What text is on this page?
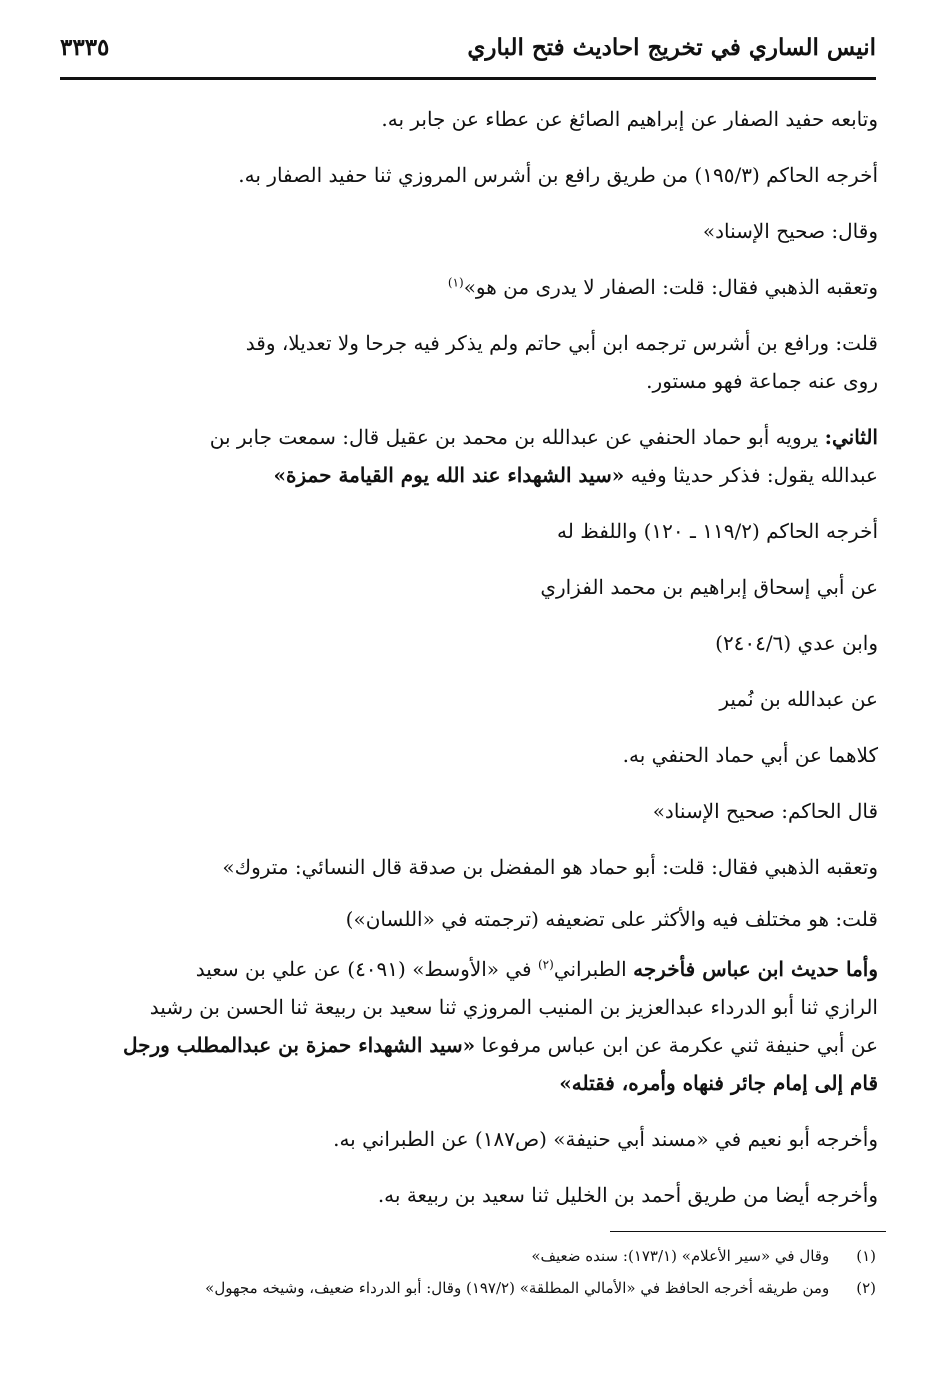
انيس الساري في تخريج احاديث فتح الباري
٣٣٣٥
وتابعه حفيد الصفار عن إبراهيم الصائغ عن عطاء عن جابر به.
أخرجه الحاكم (١٩٥/٣) من طريق رافع بن أشرس المروزي ثنا حفيد الصفار به.
وقال: صحيح الإسناد»
وتعقبه الذهبي فقال: قلت: الصفار لا يدرى من هو»$^{(١)}$
قلت: ورافع بن أشرس ترجمه ابن أبي حاتم ولم يذكر فيه جرحا ولا تعديلا، وقد
روى عنه جماعة فهو مستور.
الثاني: يرويه أبو حماد الحنفي عن عبدالله بن محمد بن عقيل قال: سمعت جابر بن
عبدالله يقول: فذكر حديثا وفيه «سيد الشهداء عند الله يوم القيامة حمزة»
أخرجه الحاكم (١١٩/٢ ـ ١٢٠) واللفظ له
عن أبي إسحاق إبراهيم بن محمد الفزاري
وابن عدي (٢٤٠٤/٦)
عن عبدالله بن نُمير
كلاهما عن أبي حماد الحنفي به.
قال الحاكم: صحيح الإسناد»
وتعقبه الذهبي فقال: قلت: أبو حماد هو المفضل بن صدقة قال النسائي: متروك»
قلت: هو مختلف فيه والأكثر على تضعيفه (ترجمته في «اللسان»)
وأما حديث ابن عباس فأخرجه الطبراني$^{(٢)}$ في «الأوسط» (٤٠٩١) عن علي بن سعيد
الرازي ثنا أبو الدرداء عبدالعزيز بن المنيب المروزي ثنا سعيد بن ربيعة ثنا الحسن بن رشيد
عن أبي حنيفة ثني عكرمة عن ابن عباس مرفوعا «سيد الشهداء حمزة بن عبدالمطلب ورجل
قام إلى إمام جائر فنهاه وأمره، فقتله»
وأخرجه أبو نعيم في «مسند أبي حنيفة» (ص١٨٧) عن الطبراني به.
وأخرجه أيضا من طريق أحمد بن الخليل ثنا سعيد بن ربيعة به.
(١) وقال في «سير الأعلام» (١٧٣/١): سنده ضعيف»
(٢) ومن طريقه أخرجه الحافظ في «الأمالي المطلقة» (١٩٧/٢) وقال: أبو الدرداء ضعيف، وشيخه مجهول»
